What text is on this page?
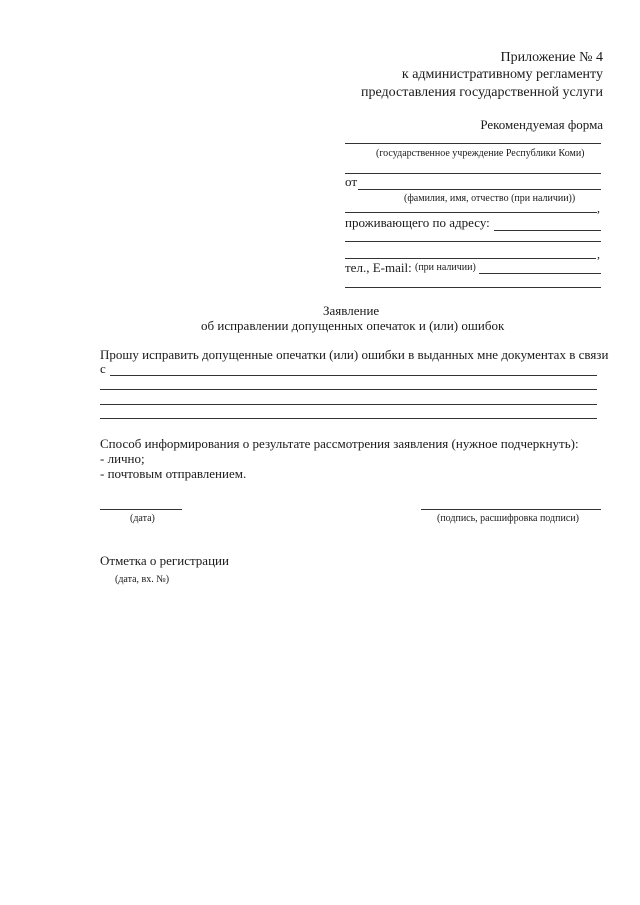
Приложение № 4
к административному регламенту
предоставления государственной услуги
Рекомендуемая форма
(государственное учреждение Республики Коми)
от
(фамилия, имя, отчество (при наличии))
,
проживающего по адресу:
,
тел., E-mail: (при наличии)
Заявление
об исправлении допущенных опечаток и (или) ошибок
Прошу исправить допущенные опечатки (или) ошибки в выданных мне документах в связи
с
Способ информирования о результате рассмотрения заявления (нужное подчеркнуть):
- лично;
- почтовым отправлением.
(дата)	(подпись, расшифровка подписи)
Отметка о регистрации
(дата, вх. №)
